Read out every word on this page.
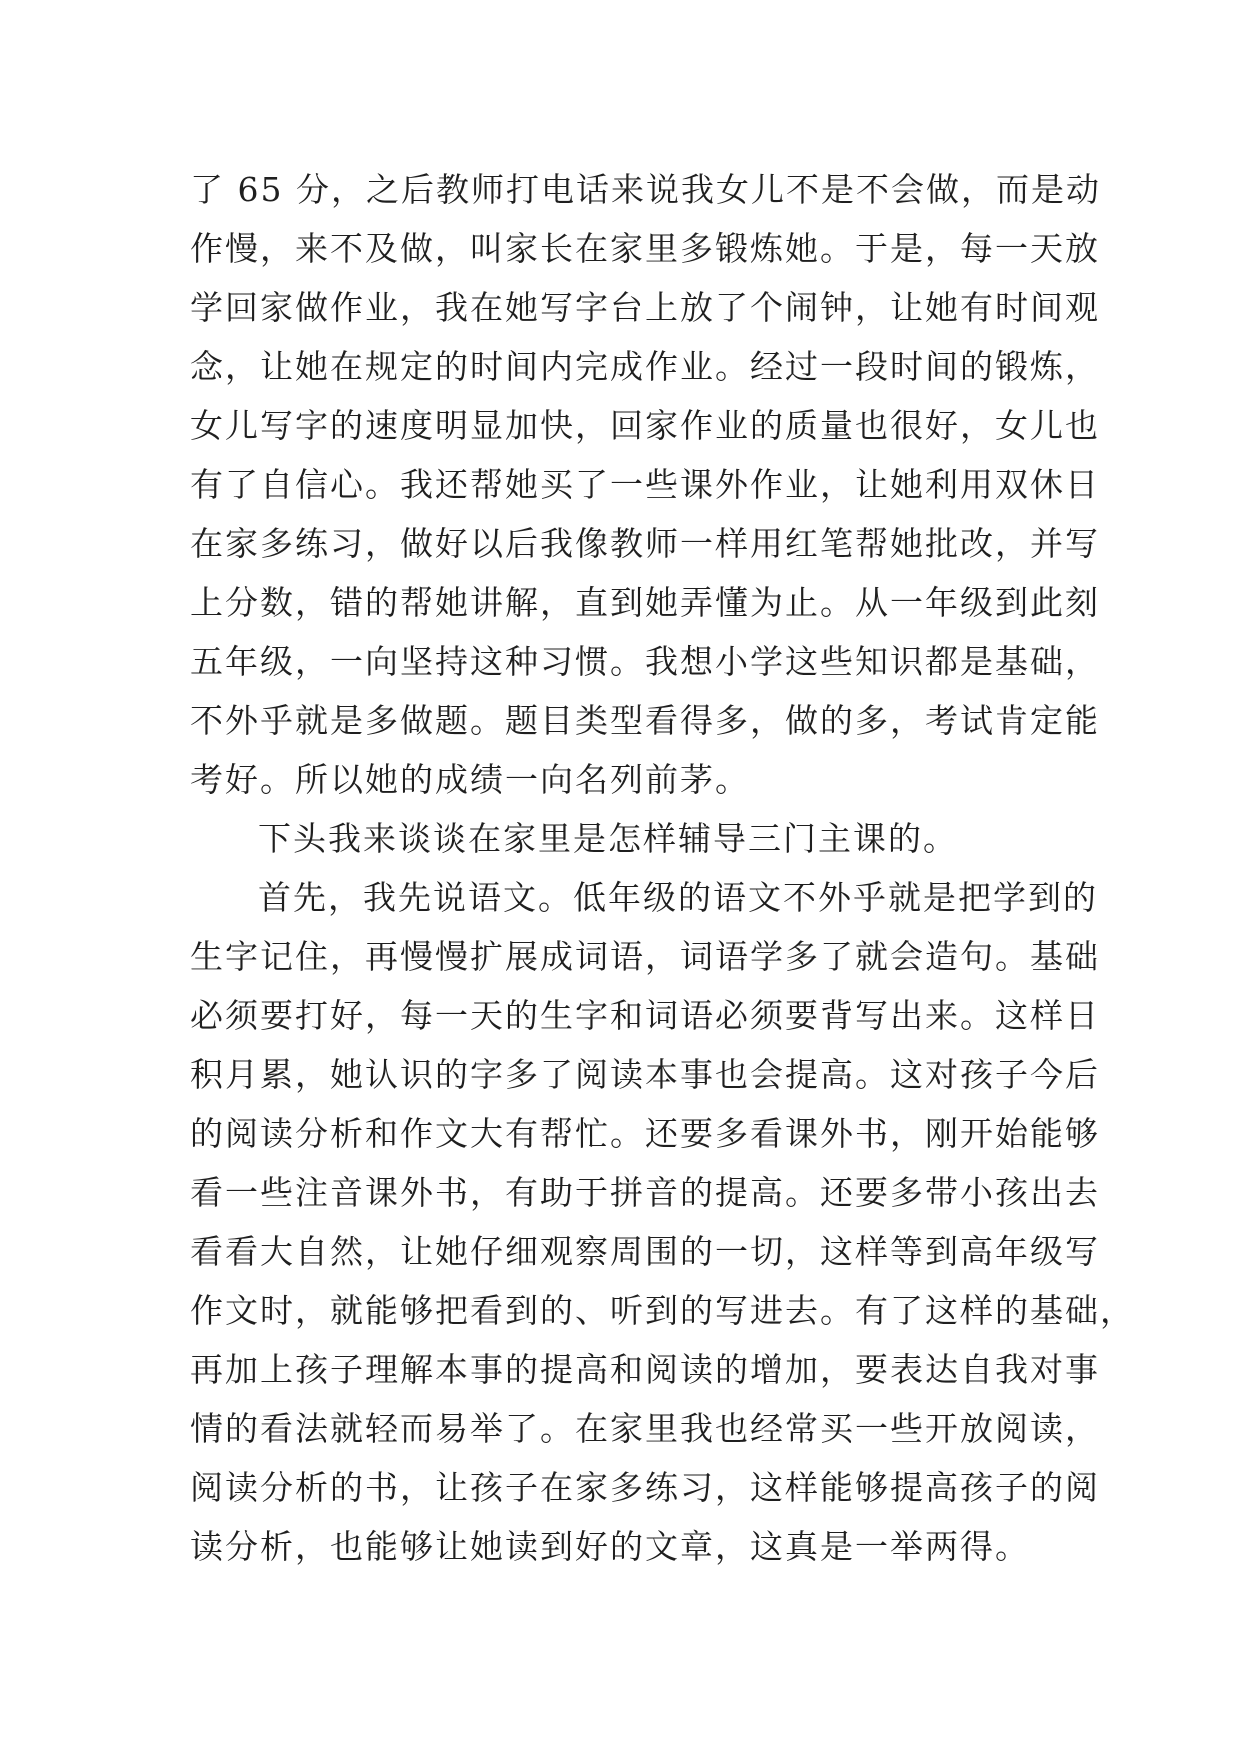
了 65 分，之后教师打电话来说我女儿不是不会做，而是动
作慢，来不及做，叫家长在家里多锻炼她。于是，每一天放
学回家做作业，我在她写字台上放了个闹钟，让她有时间观
念，让她在规定的时间内完成作业。经过一段时间的锻炼，
女儿写字的速度明显加快，回家作业的质量也很好，女儿也
有了自信心。我还帮她买了一些课外作业，让她利用双休日
在家多练习，做好以后我像教师一样用红笔帮她批改，并写
上分数，错的帮她讲解，直到她弄懂为止。从一年级到此刻
五年级，一向坚持这种习惯。我想小学这些知识都是基础，
不外乎就是多做题。题目类型看得多，做的多，考试肯定能
考好。所以她的成绩一向名列前茅。
下头我来谈谈在家里是怎样辅导三门主课的。
首先，我先说语文。低年级的语文不外乎就是把学到的
生字记住，再慢慢扩展成词语，词语学多了就会造句。基础
必须要打好，每一天的生字和词语必须要背写出来。这样日
积月累，她认识的字多了阅读本事也会提高。这对孩子今后
的阅读分析和作文大有帮忙。还要多看课外书，刚开始能够
看一些注音课外书，有助于拼音的提高。还要多带小孩出去
看看大自然，让她仔细观察周围的一切，这样等到高年级写
作文时，就能够把看到的、听到的写进去。有了这样的基础，
再加上孩子理解本事的提高和阅读的增加，要表达自我对事
情的看法就轻而易举了。在家里我也经常买一些开放阅读，
阅读分析的书，让孩子在家多练习，这样能够提高孩子的阅
读分析，也能够让她读到好的文章，这真是一举两得。
